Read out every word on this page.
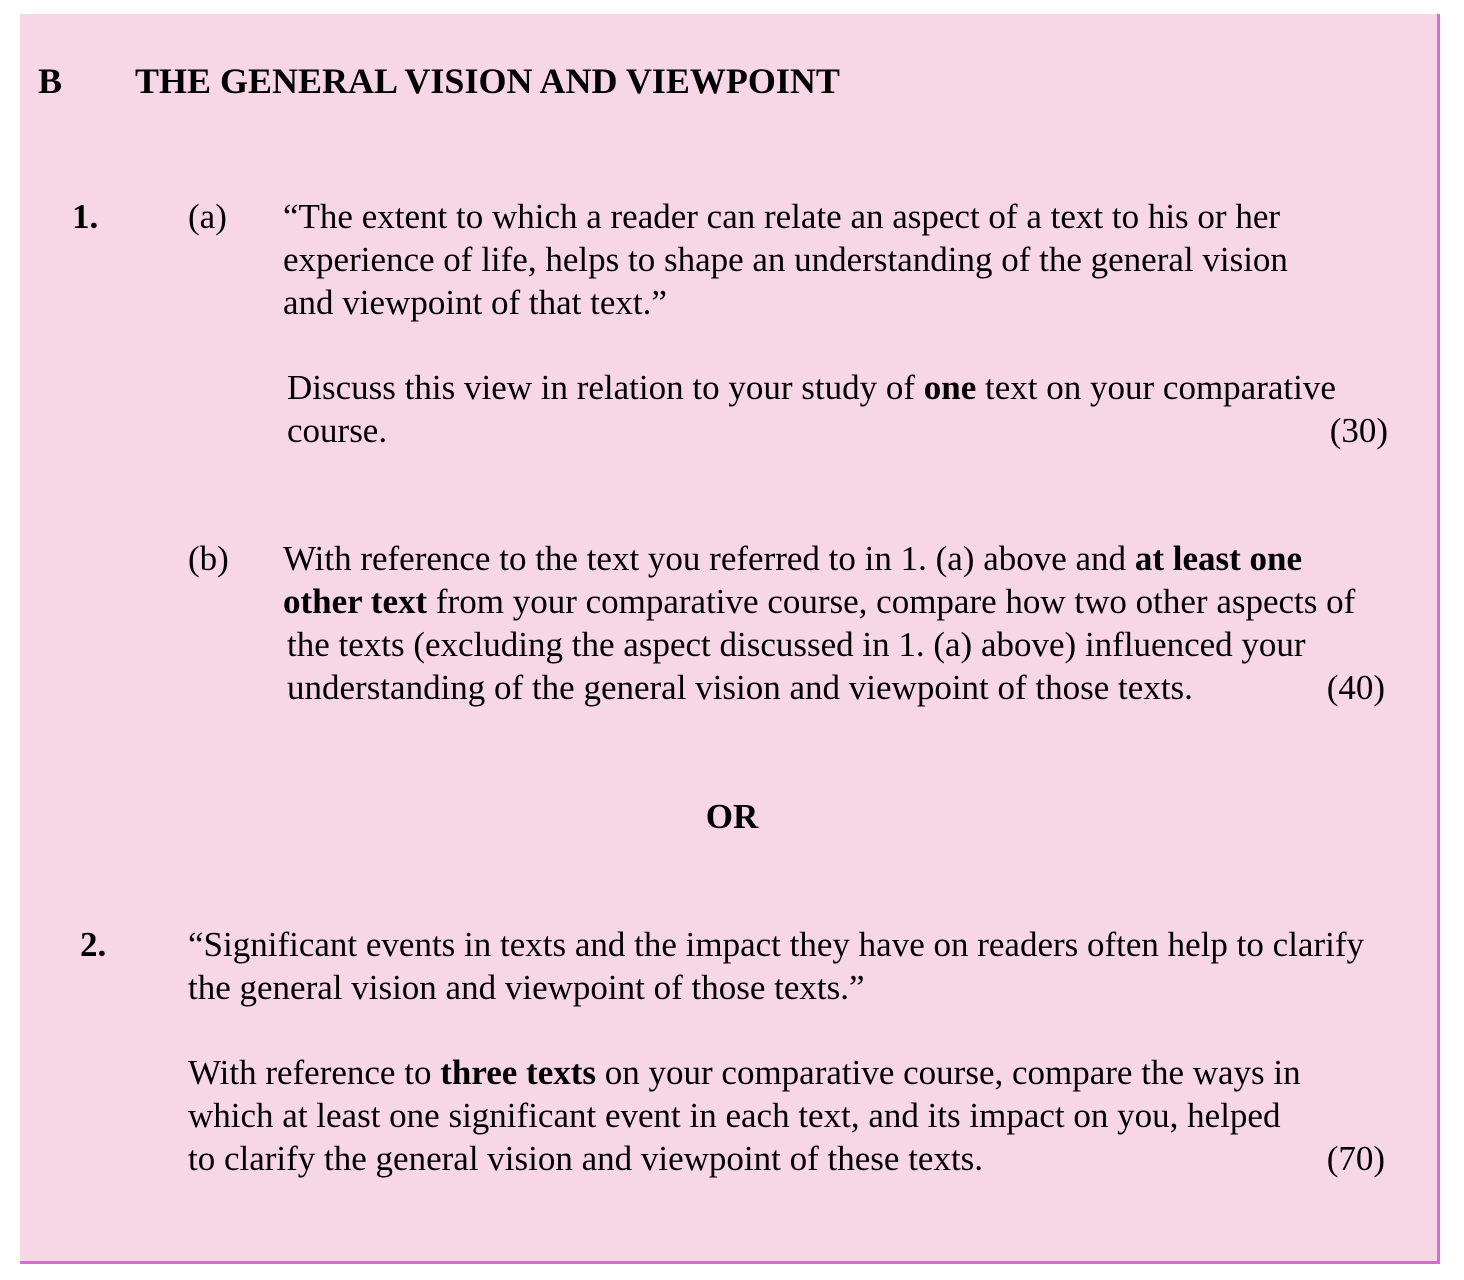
B THE GENERAL VISION AND VIEWPOINT
1.	(a) “The extent to which a reader can relate an aspect of a text to his or her
experience of life, helps to shape an understanding of the general vision
and viewpoint of that text.”
Discuss this view in relation to your study of one text on your comparative
course.	(30)
(b) With reference to the text you referred to in 1. (a) above and at least one
other text from your comparative course, compare how two other aspects of
the texts (excluding the aspect discussed in 1. (a) above) influenced your
understanding of the general vision and viewpoint of those texts.	(40)
OR
2. “Significant events in texts and the impact they have on readers often help to clarify
the general vision and viewpoint of those texts.”
With reference to three texts on your comparative course, compare the ways in
which at least one significant event in each text, and its impact on you, helped
to clarify the general vision and viewpoint of these texts.	(70)
